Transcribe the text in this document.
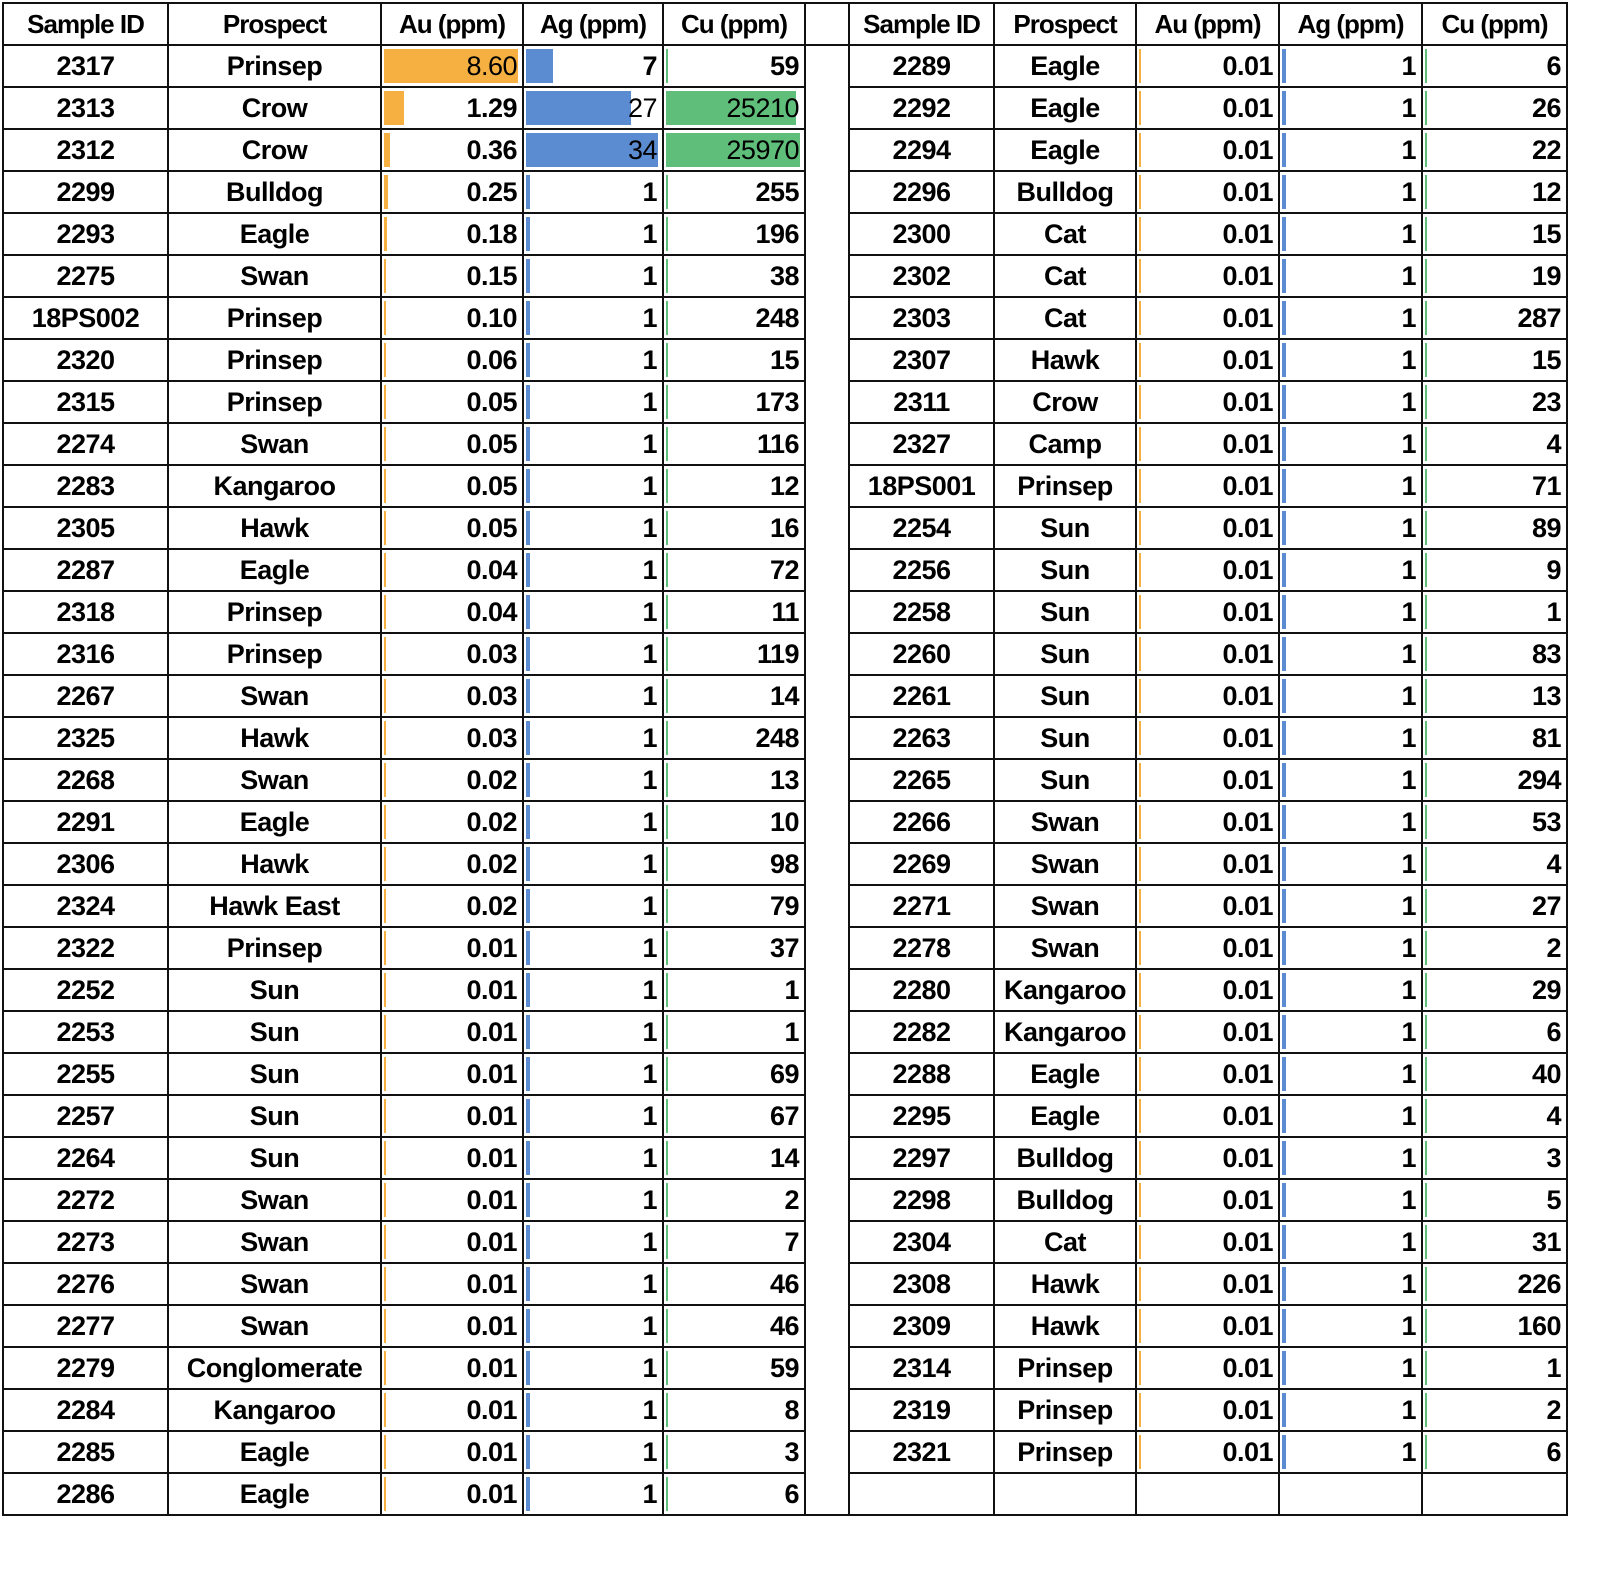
Sample ID	Prospect	Au (ppm)	Ag (ppm)	Cu (ppm)		Sample ID	Prospect	Au (ppm)	Ag (ppm)	Cu (ppm)
2317	Prinsep	8.60	7	59		2289	Eagle	0.01	1	6
2313	Crow	1.29	27	25210		2292	Eagle	0.01	1	26
2312	Crow	0.36	34	25970		2294	Eagle	0.01	1	22
2299	Bulldog	0.25	1	255		2296	Bulldog	0.01	1	12
2293	Eagle	0.18	1	196		2300	Cat	0.01	1	15
2275	Swan	0.15	1	38		2302	Cat	0.01	1	19
18PS002	Prinsep	0.10	1	248		2303	Cat	0.01	1	287
2320	Prinsep	0.06	1	15		2307	Hawk	0.01	1	15
2315	Prinsep	0.05	1	173		2311	Crow	0.01	1	23
2274	Swan	0.05	1	116		2327	Camp	0.01	1	4
2283	Kangaroo	0.05	1	12		18PS001	Prinsep	0.01	1	71
2305	Hawk	0.05	1	16		2254	Sun	0.01	1	89
2287	Eagle	0.04	1	72		2256	Sun	0.01	1	9
2318	Prinsep	0.04	1	11		2258	Sun	0.01	1	1
2316	Prinsep	0.03	1	119		2260	Sun	0.01	1	83
2267	Swan	0.03	1	14		2261	Sun	0.01	1	13
2325	Hawk	0.03	1	248		2263	Sun	0.01	1	81
2268	Swan	0.02	1	13		2265	Sun	0.01	1	294
2291	Eagle	0.02	1	10		2266	Swan	0.01	1	53
2306	Hawk	0.02	1	98		2269	Swan	0.01	1	4
2324	Hawk East	0.02	1	79		2271	Swan	0.01	1	27
2322	Prinsep	0.01	1	37		2278	Swan	0.01	1	2
2252	Sun	0.01	1	1		2280	Kangaroo	0.01	1	29
2253	Sun	0.01	1	1		2282	Kangaroo	0.01	1	6
2255	Sun	0.01	1	69		2288	Eagle	0.01	1	40
2257	Sun	0.01	1	67		2295	Eagle	0.01	1	4
2264	Sun	0.01	1	14		2297	Bulldog	0.01	1	3
2272	Swan	0.01	1	2		2298	Bulldog	0.01	1	5
2273	Swan	0.01	1	7		2304	Cat	0.01	1	31
2276	Swan	0.01	1	46		2308	Hawk	0.01	1	226
2277	Swan	0.01	1	46		2309	Hawk	0.01	1	160
2279	Conglomerate	0.01	1	59		2314	Prinsep	0.01	1	1
2284	Kangaroo	0.01	1	8		2319	Prinsep	0.01	1	2
2285	Eagle	0.01	1	3		2321	Prinsep	0.01	1	6
2286	Eagle	0.01	1	6						
